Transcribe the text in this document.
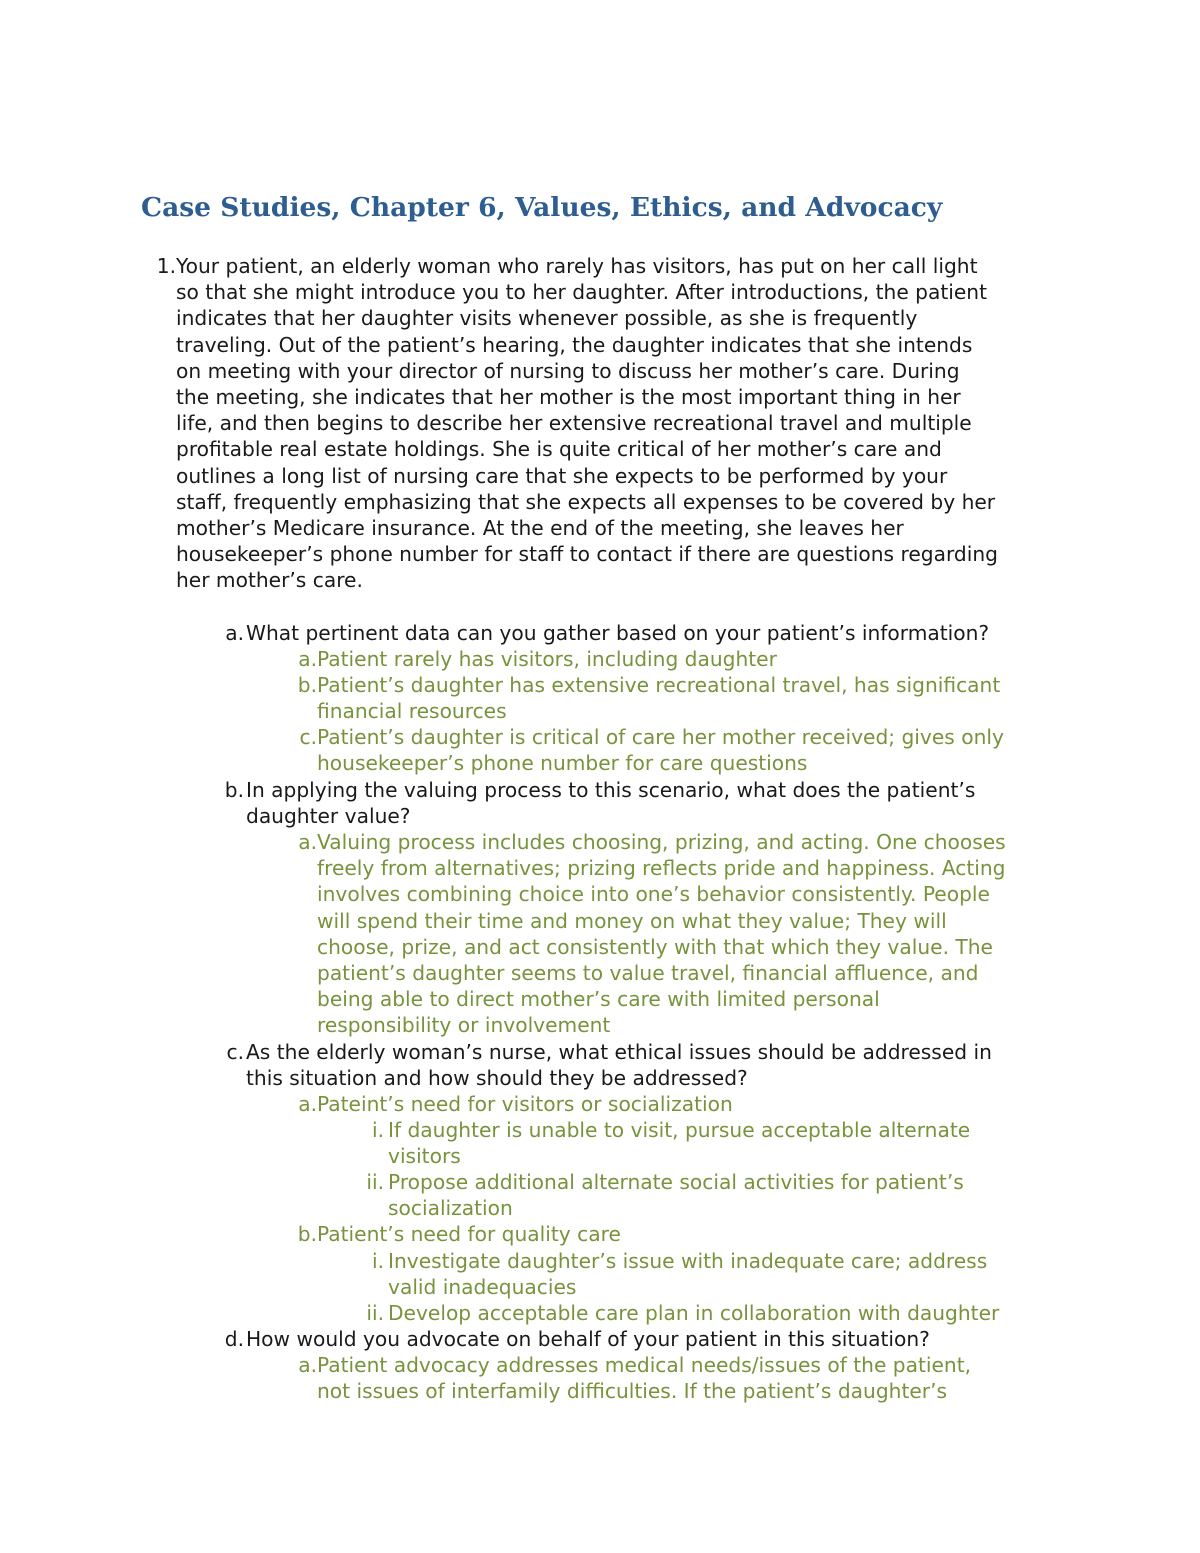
Case Studies, Chapter 6, Values, Ethics, and Advocacy
1. Your patient, an elderly woman who rarely has visitors, has put on her call light
so that she might introduce you to her daughter. After introductions, the patient
indicates that her daughter visits whenever possible, as she is frequently
traveling. Out of the patient’s hearing, the daughter indicates that she intends
on meeting with your director of nursing to discuss her mother’s care. During
the meeting, she indicates that her mother is the most important thing in her
life, and then begins to describe her extensive recreational travel and multiple
profitable real estate holdings. She is quite critical of her mother’s care and
outlines a long list of nursing care that she expects to be performed by your
staff, frequently emphasizing that she expects all expenses to be covered by her
mother’s Medicare insurance. At the end of the meeting, she leaves her
housekeeper’s phone number for staff to contact if there are questions regarding
her mother’s care.
a. What pertinent data can you gather based on your patient’s information?
a. Patient rarely has visitors, including daughter
b. Patient’s daughter has extensive recreational travel, has significant
financial resources
c. Patient’s daughter is critical of care her mother received; gives only
housekeeper’s phone number for care questions
b. In applying the valuing process to this scenario, what does the patient’s
daughter value?
a. Valuing process includes choosing, prizing, and acting. One chooses
freely from alternatives; prizing reflects pride and happiness. Acting
involves combining choice into one’s behavior consistently. People
will spend their time and money on what they value; They will
choose, prize, and act consistently with that which they value. The
patient’s daughter seems to value travel, financial affluence, and
being able to direct mother’s care with limited personal
responsibility or involvement
c. As the elderly woman’s nurse, what ethical issues should be addressed in
this situation and how should they be addressed?
a. Pateint’s need for visitors or socialization
i. If daughter is unable to visit, pursue acceptable alternate
visitors
ii. Propose additional alternate social activities for patient’s
socialization
b. Patient’s need for quality care
i. Investigate daughter’s issue with inadequate care; address
valid inadequacies
ii. Develop acceptable care plan in collaboration with daughter
d. How would you advocate on behalf of your patient in this situation?
a. Patient advocacy addresses medical needs/issues of the patient,
not issues of interfamily difficulties. If the patient’s daughter’s
